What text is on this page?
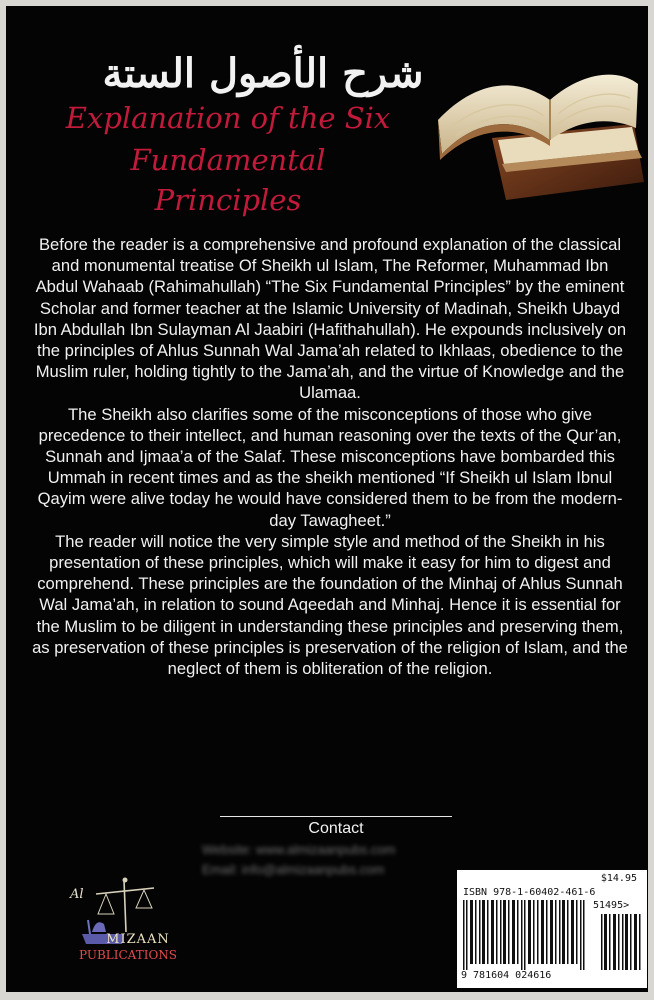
شرح الأصول الستة
Explanation of the Six
Fundamental
Principles

Before the reader is a comprehensive and profound explanation of the classical and monumental treatise Of Sheikh ul Islam, The Reformer, Muhammad Ibn Abdul Wahaab (Rahimahullah) “The Six Fundamental Principles” by the eminent Scholar and former teacher at the Islamic University of Madinah, Sheikh Ubayd Ibn Abdullah Ibn Sulayman Al Jaabiri (Hafithahullah). He expounds inclusively on the principles of Ahlus Sunnah Wal Jama’ah related to Ikhlaas, obedience to the Muslim ruler, holding tightly to the Jama’ah, and the virtue of Knowledge and the Ulamaa.

The Sheikh also clarifies some of the misconceptions of those who give precedence to their intellect, and human reasoning over the texts of the Qur’an, Sunnah and Ijmaa’a of the Salaf. These misconceptions have bombarded this Ummah in recent times and as the sheikh mentioned “If Sheikh ul Islam Ibnul Qayim were alive today he would have considered them to be from the modern-day Tawagheet.”

The reader will notice the very simple style and method of the Sheikh in his presentation of these principles, which will make it easy for him to digest and comprehend. These principles are the foundation of the Minhaj of Ahlus Sunnah Wal Jama’ah, in relation to sound Aqeedah and Minhaj. Hence it is essential for the Muslim to be diligent in understanding these principles and preserving them, as preservation of these principles is preservation of the religion of Islam, and the neglect of them is obliteration of the religion.

Contact
Website: www.almizaanpubs.com
Email: info@almizaanpubs.com
Al
MIZAAN
PUBLICATIONS
$14.95
ISBN 978-1-60402-461-6
9 781604 024616
51495>
